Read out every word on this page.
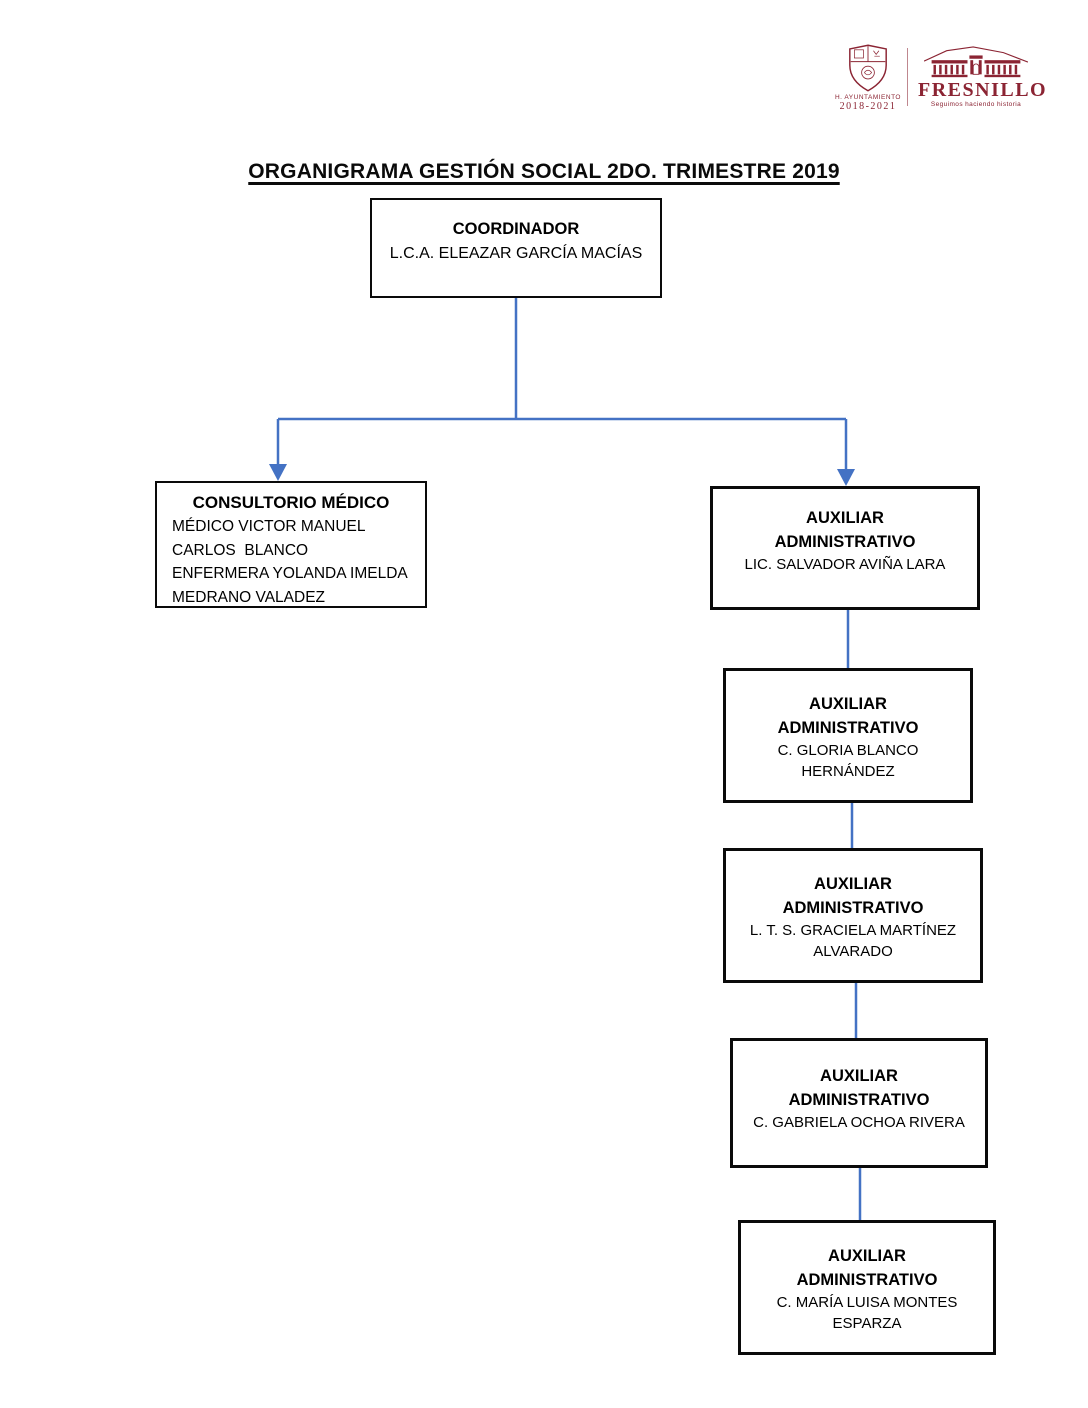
H. AYUNTAMIENTO
2018-2021
FRESNILLO
Seguimos haciendo historia
ORGANIGRAMA GESTIÓN SOCIAL 2DO. TRIMESTRE 2019
COORDINADOR
L.C.A. ELEAZAR GARCÍA MACÍAS
CONSULTORIO MÉDICO
MÉDICO VICTOR MANUEL
CARLOS  BLANCO
ENFERMERA YOLANDA IMELDA
MEDRANO VALADEZ
AUXILIAR
ADMINISTRATIVO
LIC. SALVADOR AVIÑA LARA
AUXILIAR
ADMINISTRATIVO
C. GLORIA BLANCO
HERNÁNDEZ
AUXILIAR
ADMINISTRATIVO
L. T. S. GRACIELA MARTÍNEZ
ALVARADO
AUXILIAR
ADMINISTRATIVO
C. GABRIELA OCHOA RIVERA
AUXILIAR
ADMINISTRATIVO
C. MARÍA LUISA MONTES
ESPARZA
